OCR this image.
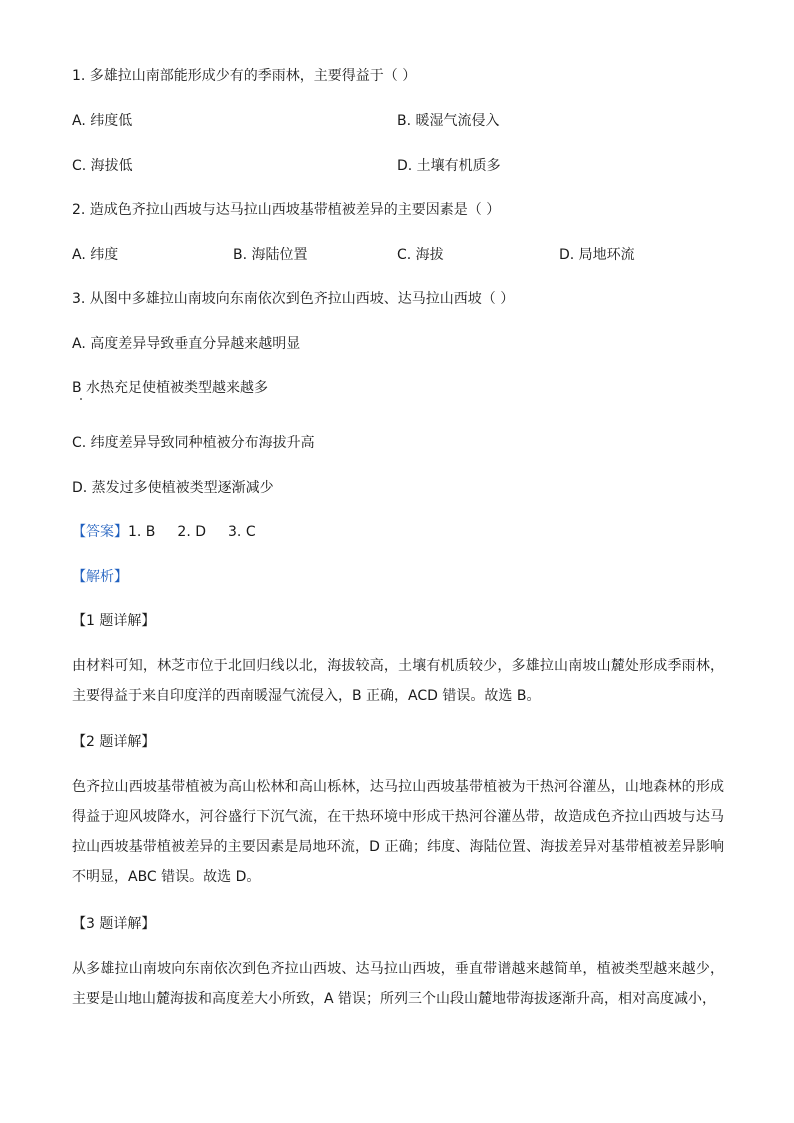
1. 多雄拉山南部能形成少有的季雨林，主要得益于（ ）
A. 纬度低	B. 暖湿气流侵入
C. 海拔低	D. 土壤有机质多
2. 造成色齐拉山西坡与达马拉山西坡基带植被差异的主要因素是（ ）
A. 纬度	B. 海陆位置	C. 海拔	D. 局地环流
3. 从图中多雄拉山南坡向东南依次到色齐拉山西坡、达马拉山西坡（ ）
A. 高度差异导致垂直分异越来越明显
B 水热充足使植被类型越来越多
C. 纬度差异导致同种植被分布海拔升高
D. 蒸发过多使植被类型逐渐减少
【答案】1. B 2. D 3. C
【解析】
【1 题详解】
由材料可知，林芝市位于北回归线以北，海拔较高，土壤有机质较少，多雄拉山南坡山麓处形成季雨林，主要得益于来自印度洋的西南暖湿气流侵入，B 正确，ACD 错误。故选 B。
【2 题详解】
色齐拉山西坡基带植被为高山松林和高山栎林，达马拉山西坡基带植被为干热河谷灌丛，山地森林的形成得益于迎风坡降水，河谷盛行下沉气流，在干热环境中形成干热河谷灌丛带，故造成色齐拉山西坡与达马拉山西坡基带植被差异的主要因素是局地环流，D 正确；纬度、海陆位置、海拔差异对基带植被差异影响不明显，ABC 错误。故选 D。
【3 题详解】
从多雄拉山南坡向东南依次到色齐拉山西坡、达马拉山西坡，垂直带谱越来越简单，植被类型越来越少，主要是山地山麓海拔和高度差大小所致，A 错误；所列三个山段山麓地带海拔逐渐升高，相对高度减小，
